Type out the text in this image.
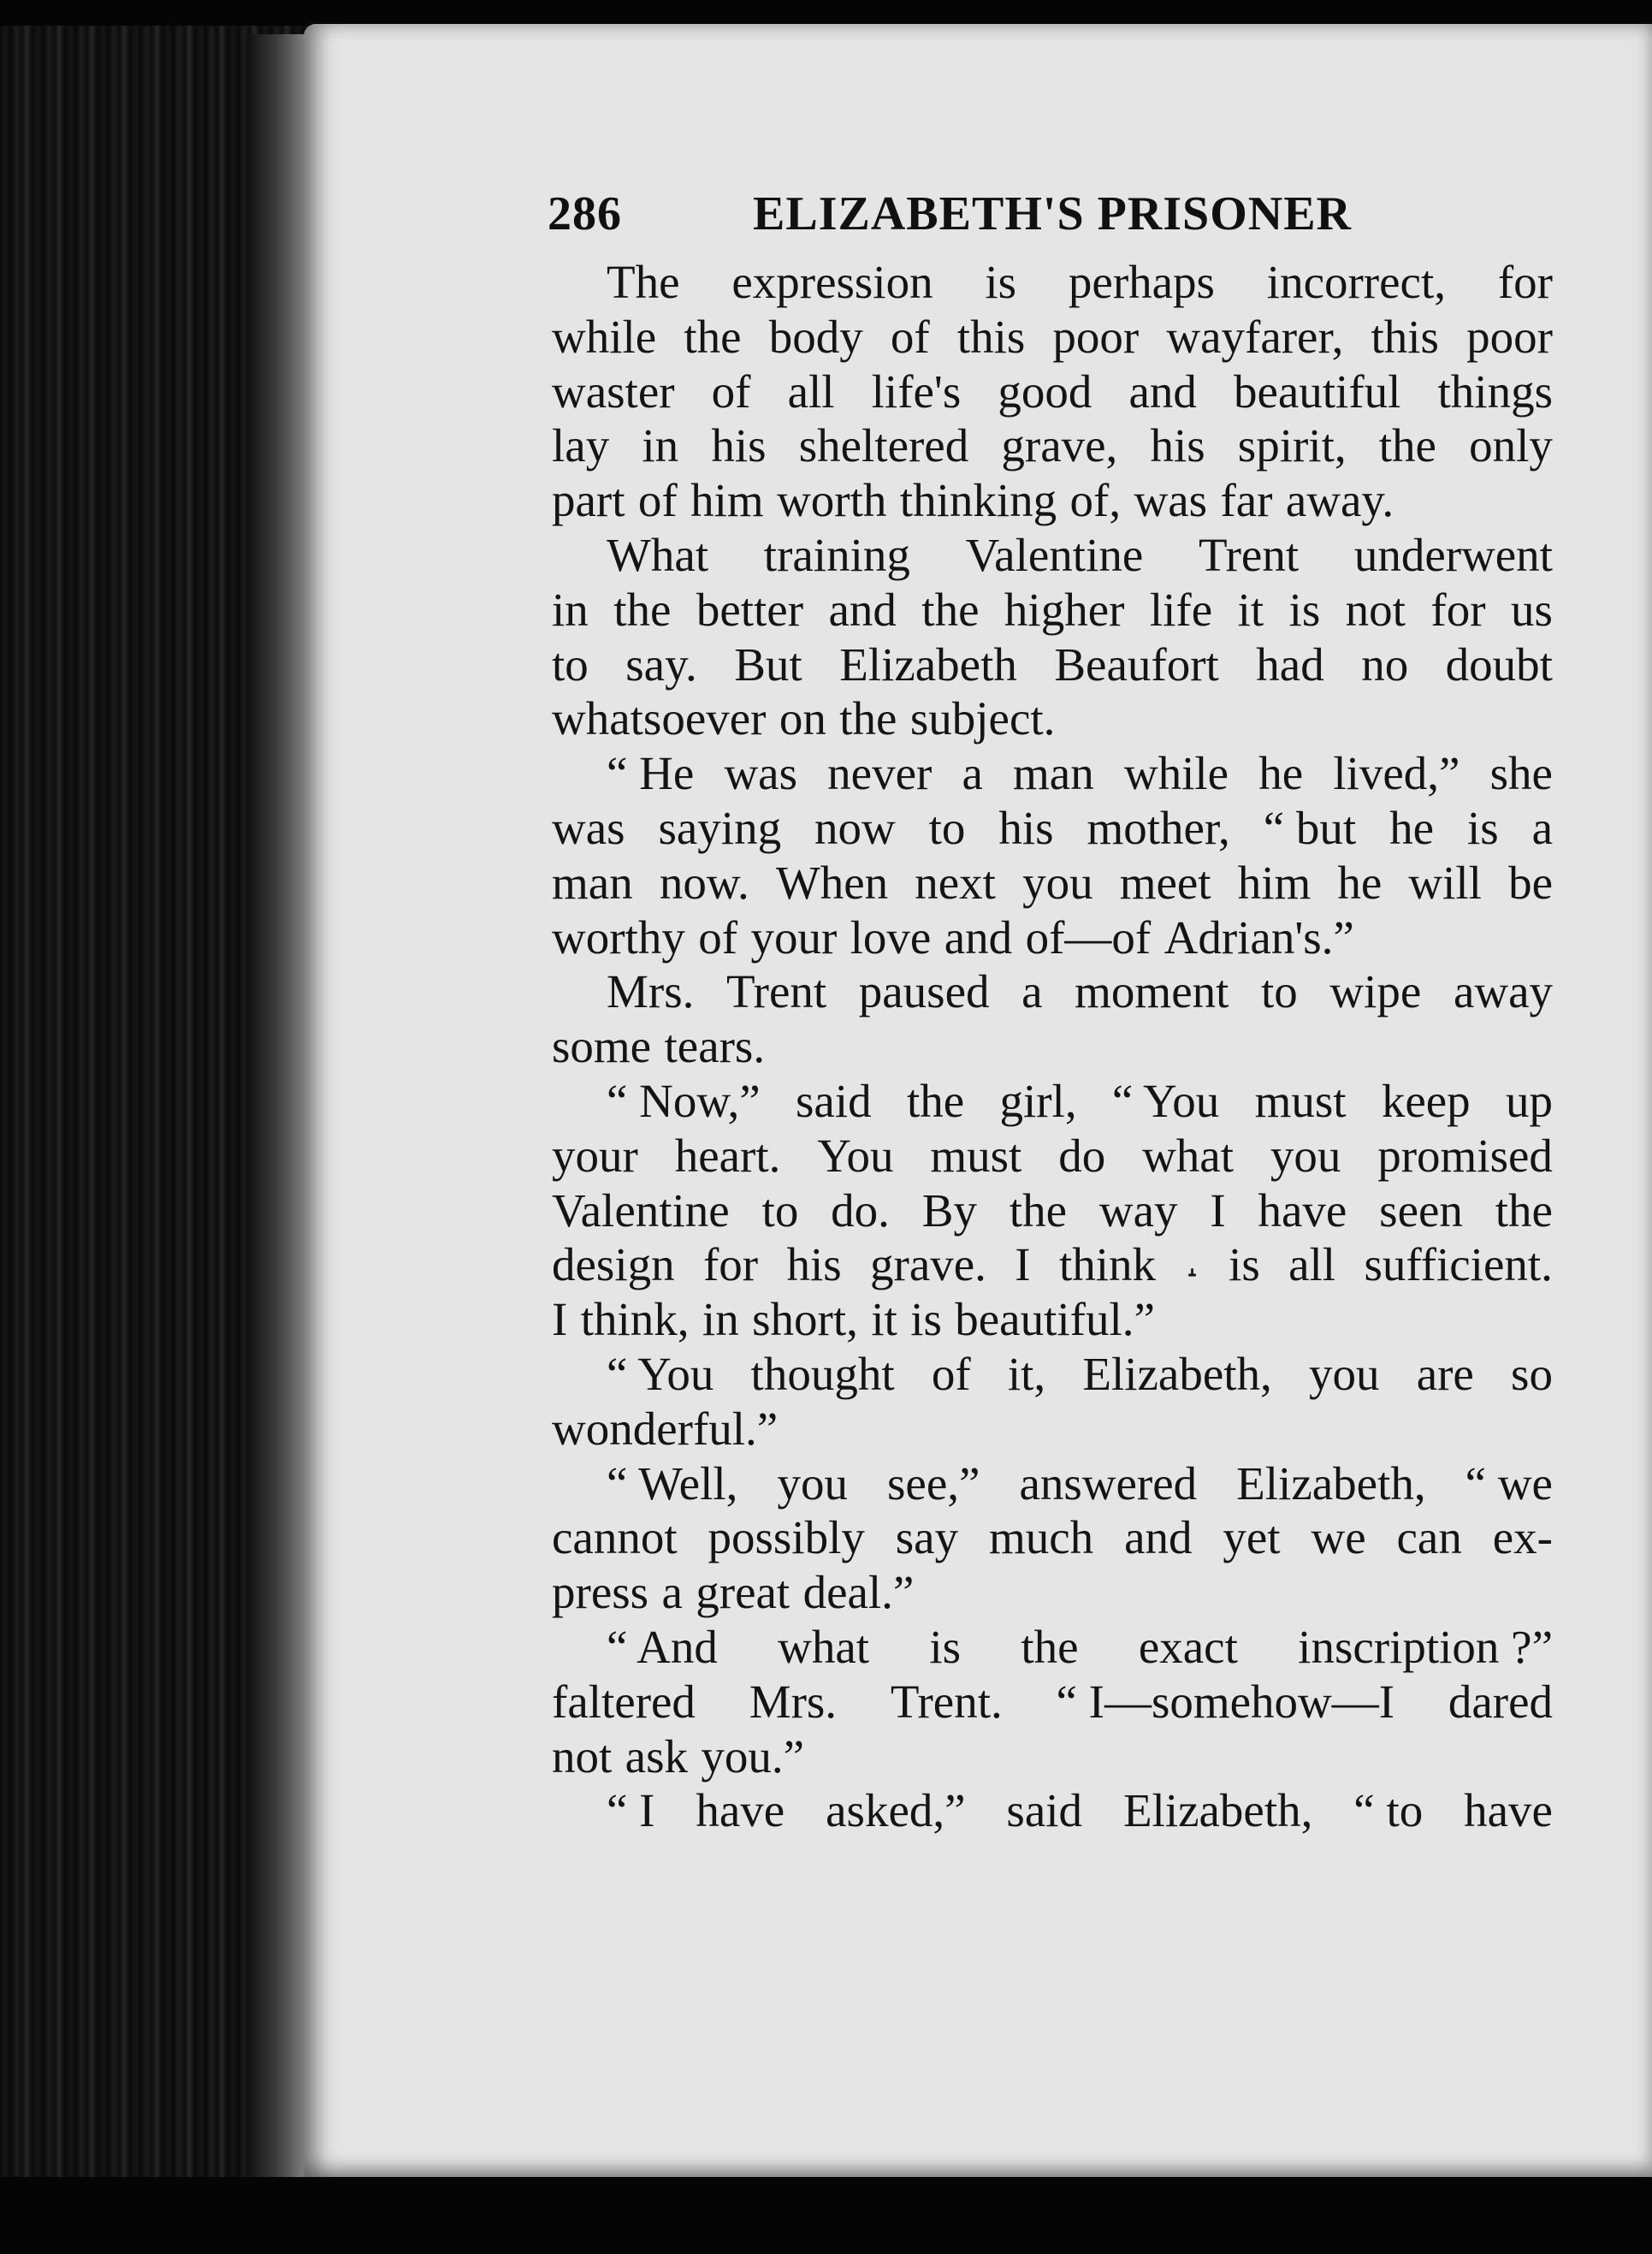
286	ELIZABETH'S PRISONER
The expression is perhaps incorrect, for
while the body of this poor wayfarer, this poor
waster of all life's good and beautiful things
lay in his sheltered grave, his spirit, the only
part of him worth thinking of, was far away.
What training Valentine Trent underwent
in the better and the higher life it is not for us
to say. But Elizabeth Beaufort had no doubt
whatsoever on the subject.
“ He was never a man while he lived,” she
was saying now to his mother, “ but he is a
man now. When next you meet him he will be
worthy of your love and of—of Adrian's.”
Mrs. Trent paused a moment to wipe away
some tears.
“ Now,” said the girl, “ You must keep up
your heart. You must do what you promised
Valentine to do. By the way I have seen the
design for his grave. I think ˔ is all sufficient.
I think, in short, it is beautiful.”
“ You thought of it, Elizabeth, you are so
wonderful.”
“ Well, you see,” answered Elizabeth, “ we
cannot possibly say much and yet we can ex-
press a great deal.”
“ And what is the exact inscription ?”
faltered Mrs. Trent. “ I—somehow—I dared
not ask you.”
“ I have asked,” said Elizabeth, “ to have
